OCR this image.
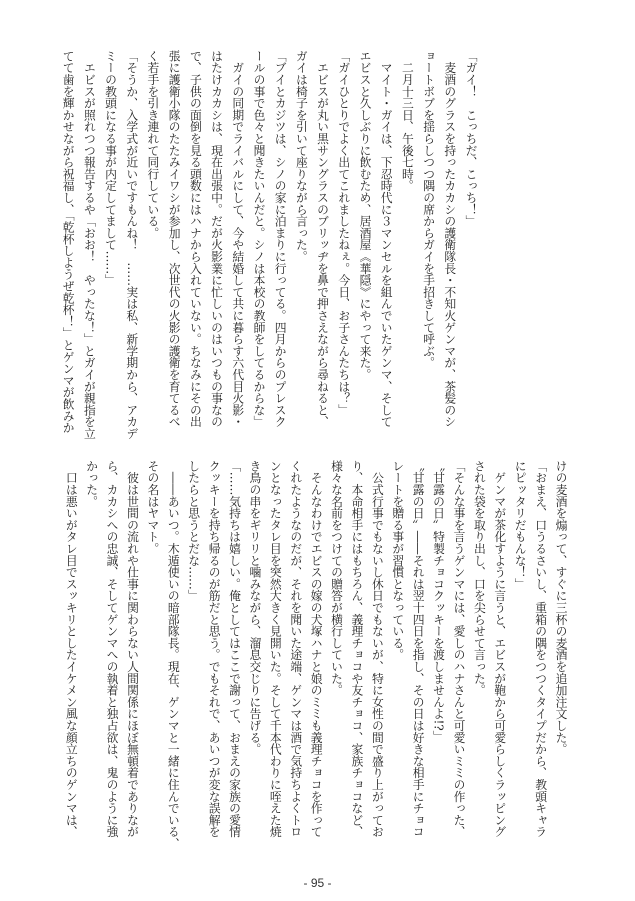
「ガイ！　こっちだ、こっち！」

　麦酒のグラスを持ったカカシの護衛隊長・不知火ゲンマが、茶髪のシ

ョートボブを揺らしつつ隅の席からガイを手招きして呼ぶ。

　二月十三日、午後七時。

　マイト・ガイは、下忍時代に３マンセルを組んでいたゲンマ、そして

エビスと久しぶりに飲むため、居酒屋《華隠》にやって来た。

「ガイひとりでよく出てこれましたねぇ。今日、お子さんたちは？」

　エビスが丸い黒サングラスのブリッヂを鼻で押さえながら尋ねると、

ガイは椅子を引いて座りながら言った。

「ブイとカジツは、シノの家に泊まりに行ってる。四月からのプレスク

ールの事で色々と聞きたいんだと。シノは本校の教師をしてるからな」

　ガイの同期でライバルにして、今や結婚して共に暮らす六代目火影・

はたけカカシは、現在出張中。だが火影業に忙しいのはいつもの事なの

で、子供の面倒を見る頭数にはハナから入れていない。ちなみにその出

張に護衛小隊のたたみイワシが参加し、次世代の火影の護衛を育てるべ

く若手を引き連れて同行している。

「そうか、入学式が近いですもんね！　……実は私、新学期から、アカデ

ミーの教頭になる事が内定してまして……」

　エビスが照れつつ報告するや「おお！　やったな！」とガイが親指を立

てて歯を輝かせながら祝福し、「乾杯しようぜ乾杯！」とゲンマが飲みか

けの麦酒を煽って、すぐに三杯の麦酒を追加注文した。

「おまえ、口うるさいし、重箱の隅をつつくタイプだから、教頭キャラ

にピッタリだもんな！」

　ゲンマが茶化すように言うと、エビスが鞄から可愛らしくラッピング

された袋を取り出し、口を尖らせて言った。

「そんな事を言うゲンマには、愛しのハナさんと可愛いミミの作った、

〝甘露の日〟特製チョコクッキーを渡しませんよ!?」

〝甘露の日〟――それは翌十四日を指し、その日は好きな相手にチョコ

レートを贈る事が習慣となっている。

　公式行事でもないし休日でもないが、特に女性の間で盛り上がってお

り、本命相手にはもちろん、義理チョコや友チョコ、家族チョコなど、

様々な名前をつけての贈答が横行していた。

　そんなわけでエビスの嫁の犬塚ハナと娘のミミも義理チョコを作って

くれたようなのだが、それを聞いた途端、ゲンマは酒で気持ちよくトロ

ンとなったタレ目を突然大きく見開いた。そして千本代わりに咥えた焼

き鳥の串をギリリと噛みながら、溜息交じりに告げる。

「……気持ちは嬉しい。俺としてはここで謝って、おまえの家族の愛情

クッキーを持ち帰るのが筋だと思う。でもそれで、あいつが変な誤解を

したらと思うとだな……」

　――あいつ。木遁使いの暗部隊長。現在、ゲンマと一緒に住んでいる、

その名はヤマト。

　彼は世間の流れや仕事に関わらない人間関係にほぼ無頓着でありなが

ら、カカシへの忠誠、そしてゲンマへの執着と独占欲は、鬼のように強

かった。

　口は悪いがタレ目でスッキリとしたイケメン風な顔立ちのゲンマは、

- 95 -
